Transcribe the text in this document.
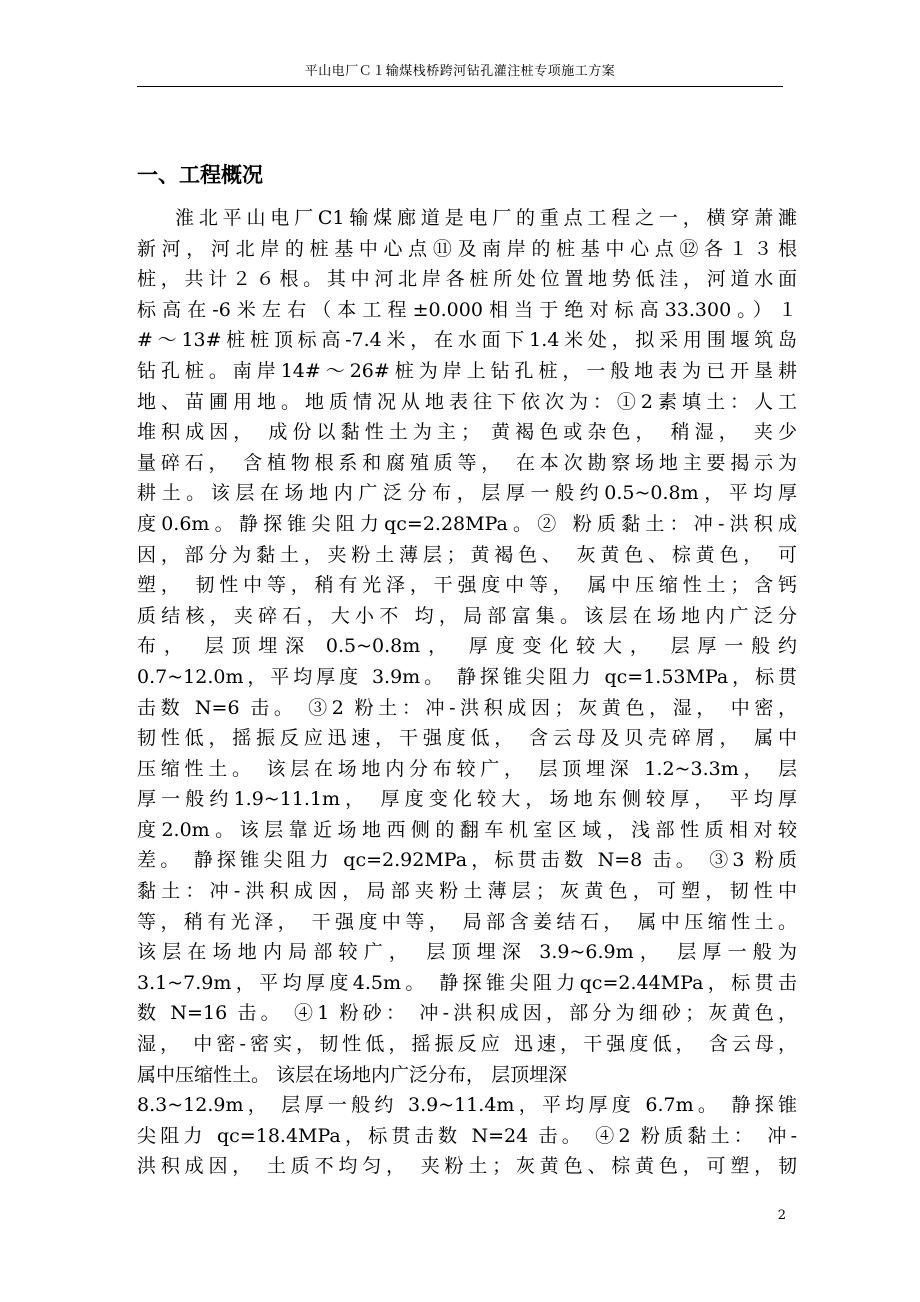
平山电厂Ｃ１输煤栈桥跨河钻孔灌注桩专项施工方案
一、工程概况
淮北平山电厂C1输煤廊道是电厂的重点工程之一，横穿萧濉
新河，河北岸的桩基中心点⑪及南岸的桩基中心点⑫各１３根
桩，共计２６根。其中河北岸各桩所处位置地势低洼，河道水面
标高在-6米左右（本工程±0.000相当于绝对标高33.300。）１
#～13#桩桩顶标高-7.4米，在水面下1.4米处，拟采用围堰筑岛
钻孔桩。南岸14#～26#桩为岸上钻孔桩，一般地表为已开垦耕
地、苗圃用地。地质情况从地表往下依次为：①2素填土：人工
堆积成因， 成份以黏性土为主； 黄褐色或杂色， 稍湿， 夹少
量碎石， 含植物根系和腐殖质等， 在本次勘察场地主要揭示为
耕土。该层在场地内广泛分布，层厚一般约0.5~0.8m，平均厚
度0.6m。静探锥尖阻力qc=2.28MPa。② 粉质黏土：冲-洪积成
因，部分为黏土，夹粉土薄层；黄褐色、 灰黄色、棕黄色， 可
塑， 韧性中等，稍有光泽，干强度中等， 属中压缩性土；含钙
质结核，夹碎石，大小不 均，局部富集。该层在场地内广泛分
布， 层顶埋深 0.5~0.8m， 厚度变化较大， 层厚一般约
0.7~12.0m，平均厚度 3.9m。 静探锥尖阻力 qc=1.53MPa，标贯
击数 N=6 击。 ③2 粉土：冲-洪积成因；灰黄色，湿， 中密，
韧性低，摇振反应迅速，干强度低， 含云母及贝壳碎屑， 属中
压缩性土。 该层在场地内分布较广， 层顶埋深 1.2~3.3m， 层
厚一般约1.9~11.1m， 厚度变化较大，场地东侧较厚， 平均厚
度2.0m。该层靠近场地西侧的翻车机室区域，浅部性质相对较
差。 静探锥尖阻力 qc=2.92MPa，标贯击数 N=8 击。 ③3 粉质
黏土：冲-洪积成因，局部夹粉土薄层；灰黄色，可塑，韧性中
等，稍有光泽， 干强度中等， 局部含姜结石， 属中压缩性土。
该层在场地内局部较广， 层顶埋深 3.9~6.9m， 层厚一般为
3.1~7.9m，平均厚度4.5m。 静探锥尖阻力qc=2.44MPa，标贯击
数 N=16 击。 ④1 粉砂： 冲-洪积成因，部分为细砂；灰黄色，
湿， 中密-密实，韧性低，摇振反应 迅速，干强度低， 含云母，
属中压缩性土。 该层在场地内广泛分布， 层顶埋深
8.3~12.9m， 层厚一般约 3.9~11.4m，平均厚度 6.7m。 静探锥
尖阻力 qc=18.4MPa，标贯击数 N=24 击。 ④2 粉质黏土： 冲-
洪积成因， 土质不均匀， 夹粉土；灰黄色、棕黄色，可塑，韧
2
